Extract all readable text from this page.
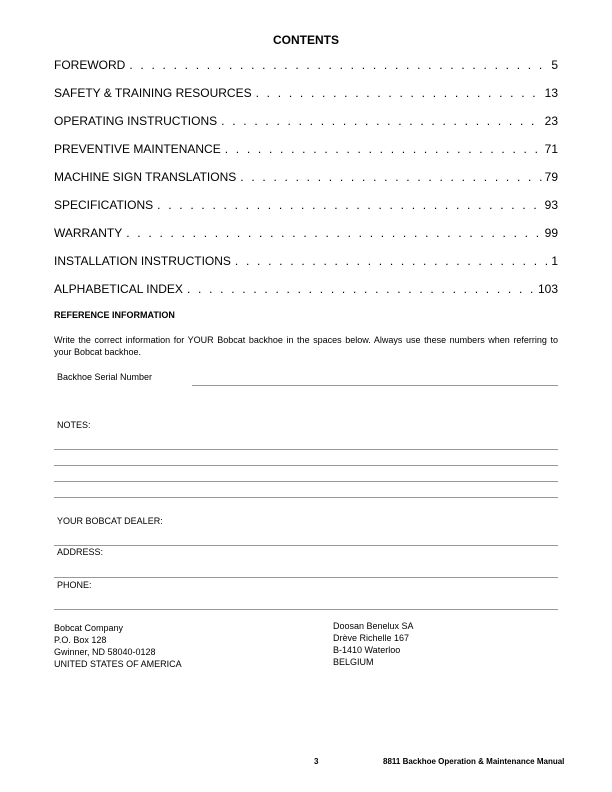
CONTENTS
FOREWORD . . .	5
SAFETY & TRAINING RESOURCES . . .	13
OPERATING INSTRUCTIONS . . .	23
PREVENTIVE MAINTENANCE . . .	71
MACHINE SIGN TRANSLATIONS . . .	79
SPECIFICATIONS . . .	93
WARRANTY . . .	99
INSTALLATION INSTRUCTIONS . . .	1
ALPHABETICAL INDEX . . .	103
REFERENCE INFORMATION
Write the correct information for YOUR Bobcat backhoe in the spaces below. Always use these numbers when referring to your Bobcat backhoe.
Backhoe Serial Number
NOTES:
YOUR BOBCAT DEALER:
ADDRESS:
PHONE:
Bobcat Company
P.O. Box 128
Gwinner, ND 58040-0128
UNITED STATES OF AMERICA
Doosan Benelux SA
Drève Richelle 167
B-1410 Waterloo
BELGIUM
3	8811 Backhoe Operation & Maintenance Manual
